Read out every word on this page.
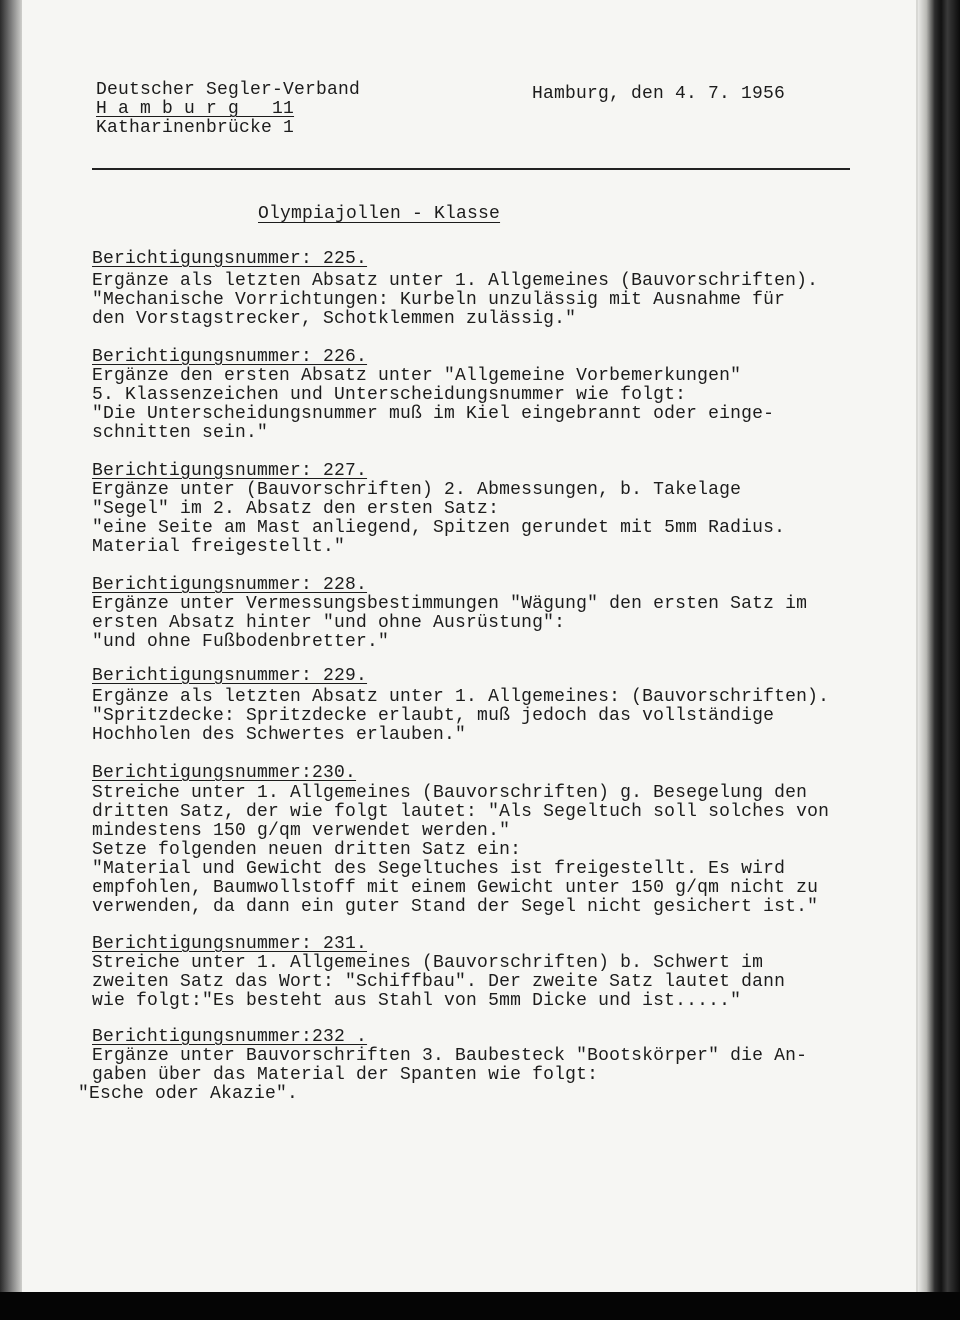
Deutscher Segler-Verband
H a m b u r g   11
Katharinenbrücke 1
Hamburg, den 4. 7. 1956
Olympiajollen - Klasse
Berichtigungsnummer: 225.
Ergänze als letzten Absatz unter 1. Allgemeines (Bauvorschriften).
"Mechanische Vorrichtungen: Kurbeln unzulässig mit Ausnahme für
den Vorstagstrecker, Schotklemmen zulässig."
Berichtigungsnummer: 226.
Ergänze den ersten Absatz unter "Allgemeine Vorbemerkungen"
5. Klassenzeichen und Unterscheidungsnummer wie folgt:
"Die Unterscheidungsnummer muß im Kiel eingebrannt oder einge-
schnitten sein."
Berichtigungsnummer: 227.
Ergänze unter (Bauvorschriften) 2. Abmessungen, b. Takelage
"Segel" im 2. Absatz den ersten Satz:
"eine Seite am Mast anliegend, Spitzen gerundet mit 5mm Radius.
Material freigestellt."
Berichtigungsnummer: 228.
Ergänze unter Vermessungsbestimmungen "Wägung" den ersten Satz im
ersten Absatz hinter "und ohne Ausrüstung":
"und ohne Fußbodenbretter."
Berichtigungsnummer: 229.
Ergänze als letzten Absatz unter 1. Allgemeines: (Bauvorschriften).
"Spritzdecke: Spritzdecke erlaubt, muß jedoch das vollständige
Hochholen des Schwertes erlauben."
Berichtigungsnummer:230.
Streiche unter 1. Allgemeines (Bauvorschriften) g. Besegelung den
dritten Satz, der wie folgt lautet: "Als Segeltuch soll solches von
mindestens 150 g/qm verwendet werden."
Setze folgenden neuen dritten Satz ein:
"Material und Gewicht des Segeltuches ist freigestellt. Es wird
empfohlen, Baumwollstoff mit einem Gewicht unter 150 g/qm nicht zu
verwenden, da dann ein guter Stand der Segel nicht gesichert ist."
Berichtigungsnummer: 231.
Streiche unter 1. Allgemeines (Bauvorschriften) b. Schwert im
zweiten Satz das Wort: "Schiffbau". Der zweite Satz lautet dann
wie folgt:"Es besteht aus Stahl von 5mm Dicke und ist....."
Berichtigungsnummer:232 .
Ergänze unter Bauvorschriften 3. Baubesteck "Bootskörper" die An-
gaben über das Material der Spanten wie folgt:
"Esche oder Akazie".
